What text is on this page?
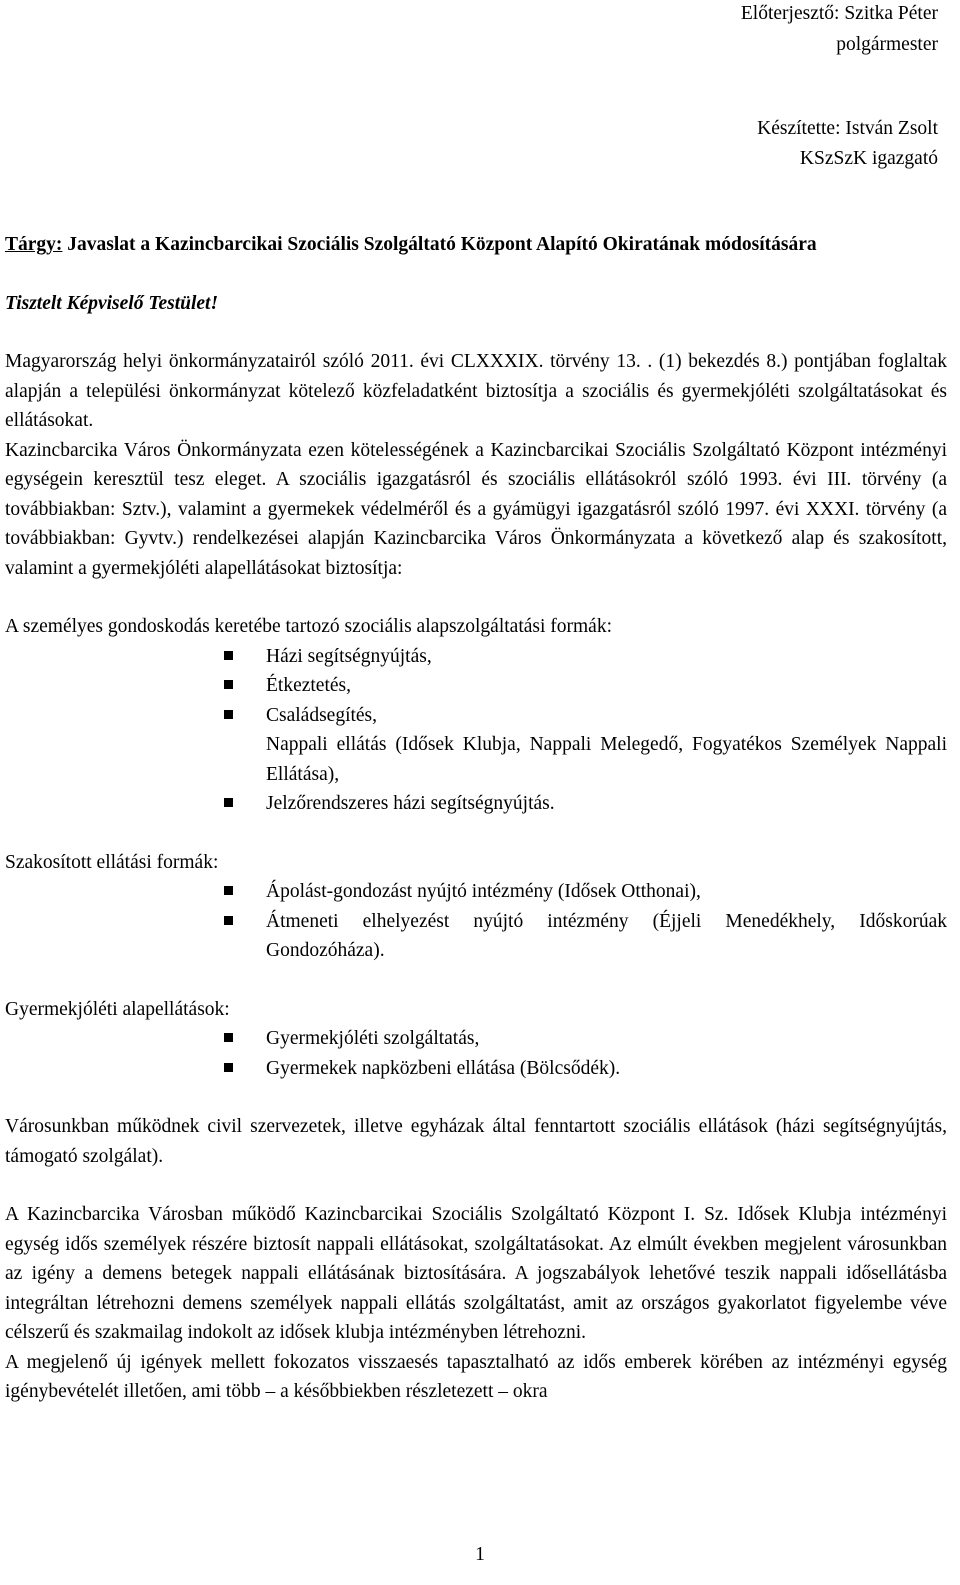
Előterjesztő: Szitka Péter
polgármester
Készítette: István Zsolt
KSzSzK igazgató
Tárgy: Javaslat a Kazincbarcikai Szociális Szolgáltató Központ Alapító Okiratának módosítására
Tisztelt Képviselő Testület!

Magyarország helyi önkormányzatairól szóló 2011. évi CLXXXIX. törvény 13. . (1) bekezdés 8.) pontjában foglaltak alapján a települési önkormányzat kötelező közfeladatként biztosítja a szociális és gyermekjóléti szolgáltatásokat és ellátásokat.

Kazincbarcika Város Önkormányzata ezen kötelességének a Kazincbarcikai Szociális Szolgáltató Központ intézményi egységein keresztül tesz eleget. A szociális igazgatásról és szociális ellátásokról szóló 1993. évi III. törvény (a továbbiakban: Sztv.), valamint a gyermekek védelméről és a gyámügyi igazgatásról szóló 1997. évi XXXI. törvény (a továbbiakban: Gyvtv.) rendelkezései alapján Kazincbarcika Város Önkormányzata a következő alap és szakosított, valamint a gyermekjóléti alapellátásokat biztosítja:

A személyes gondoskodás keretébe tartozó szociális alapszolgáltatási formák:
Házi segítségnyújtás,
Étkeztetés,
Családsegítés,
Nappali ellátás (Idősek Klubja, Nappali Melegedő, Fogyatékos Személyek Nappali Ellátása),
Jelzőrendszeres házi segítségnyújtás.
Szakosított ellátási formák:
Ápolást-gondozást nyújtó intézmény (Idősek Otthonai),
Átmeneti elhelyezést nyújtó intézmény (Éjjeli Menedékhely, Időskorúak Gondozóháza).
Gyermekjóléti alapellátások:
Gyermekjóléti szolgáltatás,
Gyermekek napközbeni ellátása (Bölcsődék).

Városunkban működnek civil szervezetek, illetve egyházak által fenntartott szociális ellátások (házi segítségnyújtás, támogató szolgálat).

A Kazincbarcika Városban működő Kazincbarcikai Szociális Szolgáltató Központ I. Sz. Idősek Klubja intézményi egység idős személyek részére biztosít nappali ellátásokat, szolgáltatásokat. Az elmúlt években megjelent városunkban az igény a demens betegek nappali ellátásának biztosítására. A jogszabályok lehetővé teszik nappali idősellátásba integráltan létrehozni demens személyek nappali ellátás szolgáltatást, amit az országos gyakorlatot figyelembe véve célszerű és szakmailag indokolt az idősek klubja intézményben létrehozni.

A megjelenő új igények mellett fokozatos visszaesés tapasztalható az idős emberek körében az intézményi egység igénybevételét illetően, ami több – a későbbiekben részletezett – okra

1
